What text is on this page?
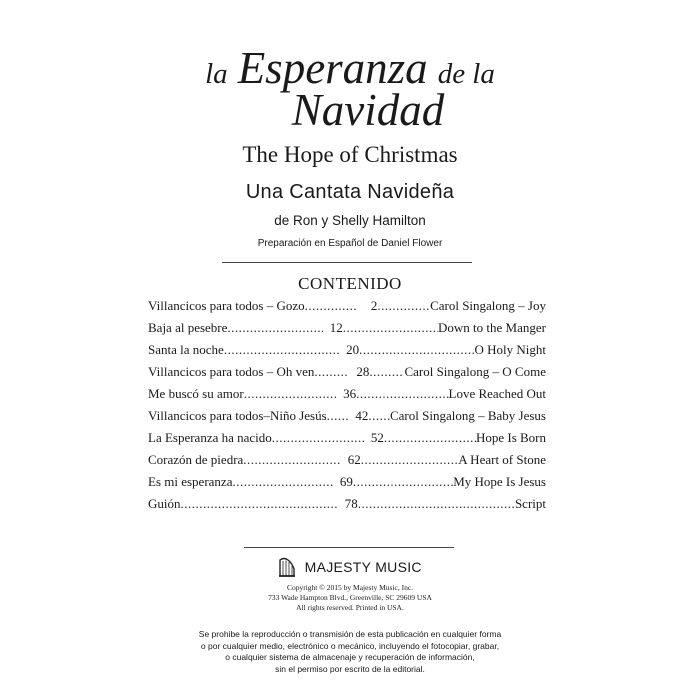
la Esperanza de la
Navidad
The Hope of Christmas
Una Cantata Navideña
de Ron y Shelly Hamilton
Preparación en Español de Daniel Flower
CONTENIDO
Villancicos para todos – Gozo .....	2 .....	Carol Singalong – Joy
Baja al pesebre .....	12 .....	Down to the Manger
Santa la noche .....	20 .....	O Holy Night
Villancicos para todos – Oh ven .....	28 .....	Carol Singalong – O Come
Me buscó su amor .....	36 .....	Love Reached Out
Villancicos para todos–Niño Jesús .....	42 ..... Carol Singalong – Baby Jesus
La Esperanza ha nacido .....	52 .....	Hope Is Born
Corazón de piedra .....	62 .....	A Heart of Stone
Es mi esperanza .....	69 .....	My Hope Is Jesus
Guión .....	78 .....	Script
MAJESTY MUSIC
Copyright © 2015 by Majesty Music, Inc.
733 Wade Hampton Blvd., Greenville, SC 29609 USA
All rights reserved. Printed in USA.
Se prohibe la reproducción o transmisión de esta publicación en cualquier forma
o por cualquier medio, electrónico o mecánico, incluyendo el fotocopiar, grabar,
o cualquier sistema de almacenaje y recuperación de información,
sin el permiso por escrito de la editorial.
